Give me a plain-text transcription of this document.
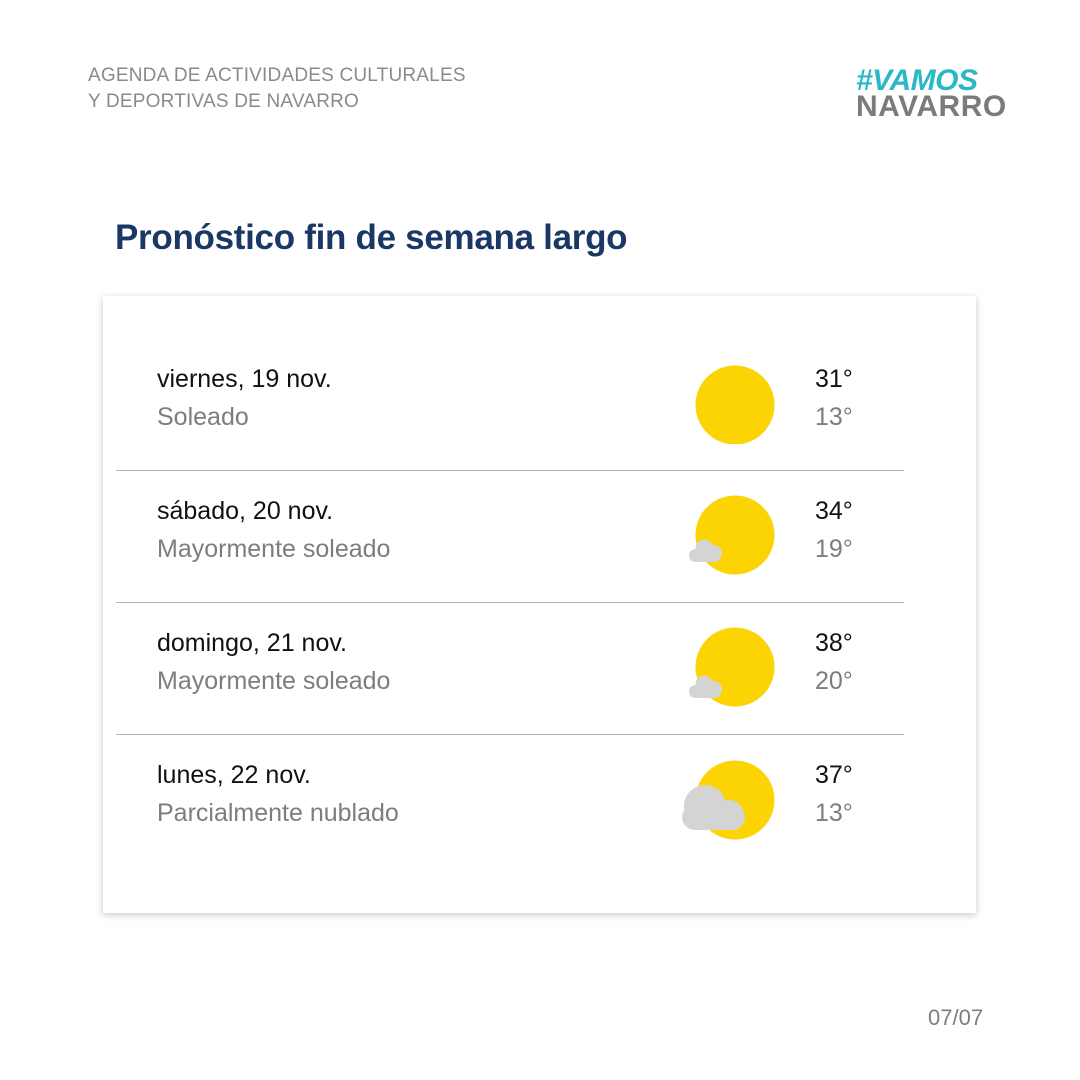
AGENDA DE ACTIVIDADES CULTURALES
Y DEPORTIVAS DE NAVARRO
#VAMOS
NAVARRO
Pronóstico fin de semana largo
viernes, 19 nov.
Soleado
31°
13°
sábado, 20 nov.
Mayormente soleado
34°
19°
domingo, 21 nov.
Mayormente soleado
38°
20°
lunes, 22 nov.
Parcialmente nublado
37°
13°
07/07
